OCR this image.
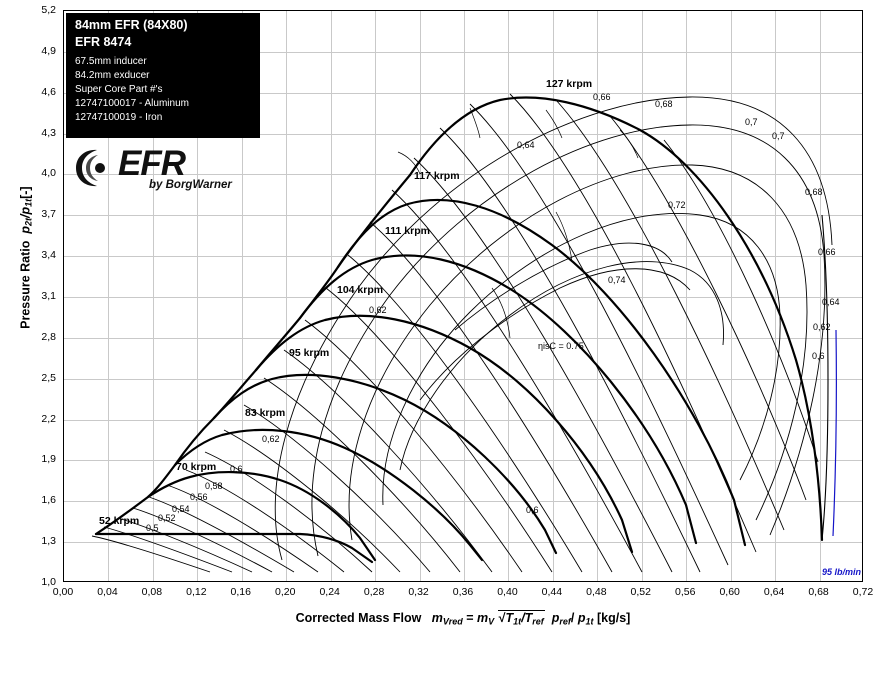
5,2
4,9
4,6
4,3
4,0
3,7
3,4
3,1
2,8
2,5
2,2
1,9
1,6
1,3
1,0
0,00 0,04 0,08 0,12 0,16 0,20 0,24 0,28 0,32 0,36 0,40 0,44 0,48 0,52 0,56 0,60 0,64 0,68 0,72
Pressure Ratio  $p_{2t}/p_{1t}[-]$
Corrected Mass Flow $m_{Vred} = m_V$ $√T_{1t}/T_{ref}$  $p_{ref}/$ $p_{1t}$ [kg/s]
84mm EFR (84X80)
EFR 8474
67.5mm inducer
84.2mm exducer
Super Core Part #'s
12747100017 - Aluminum
12747100019 - Iron
EFR
by BorgWarner
52 krpm
70 krpm
83 krpm
95 krpm
104 krpm
111 krpm
117 krpm
127 krpm
0,5
0,52
0,54
0,56
0,58
0,6
0,62
0,62
0,64
0,66
0,68
0,7
0,7
0,72
0,74
0,68
0,66
0,64
0,62
0,6
0,6
ηisC = 0.75
95 lb/min
